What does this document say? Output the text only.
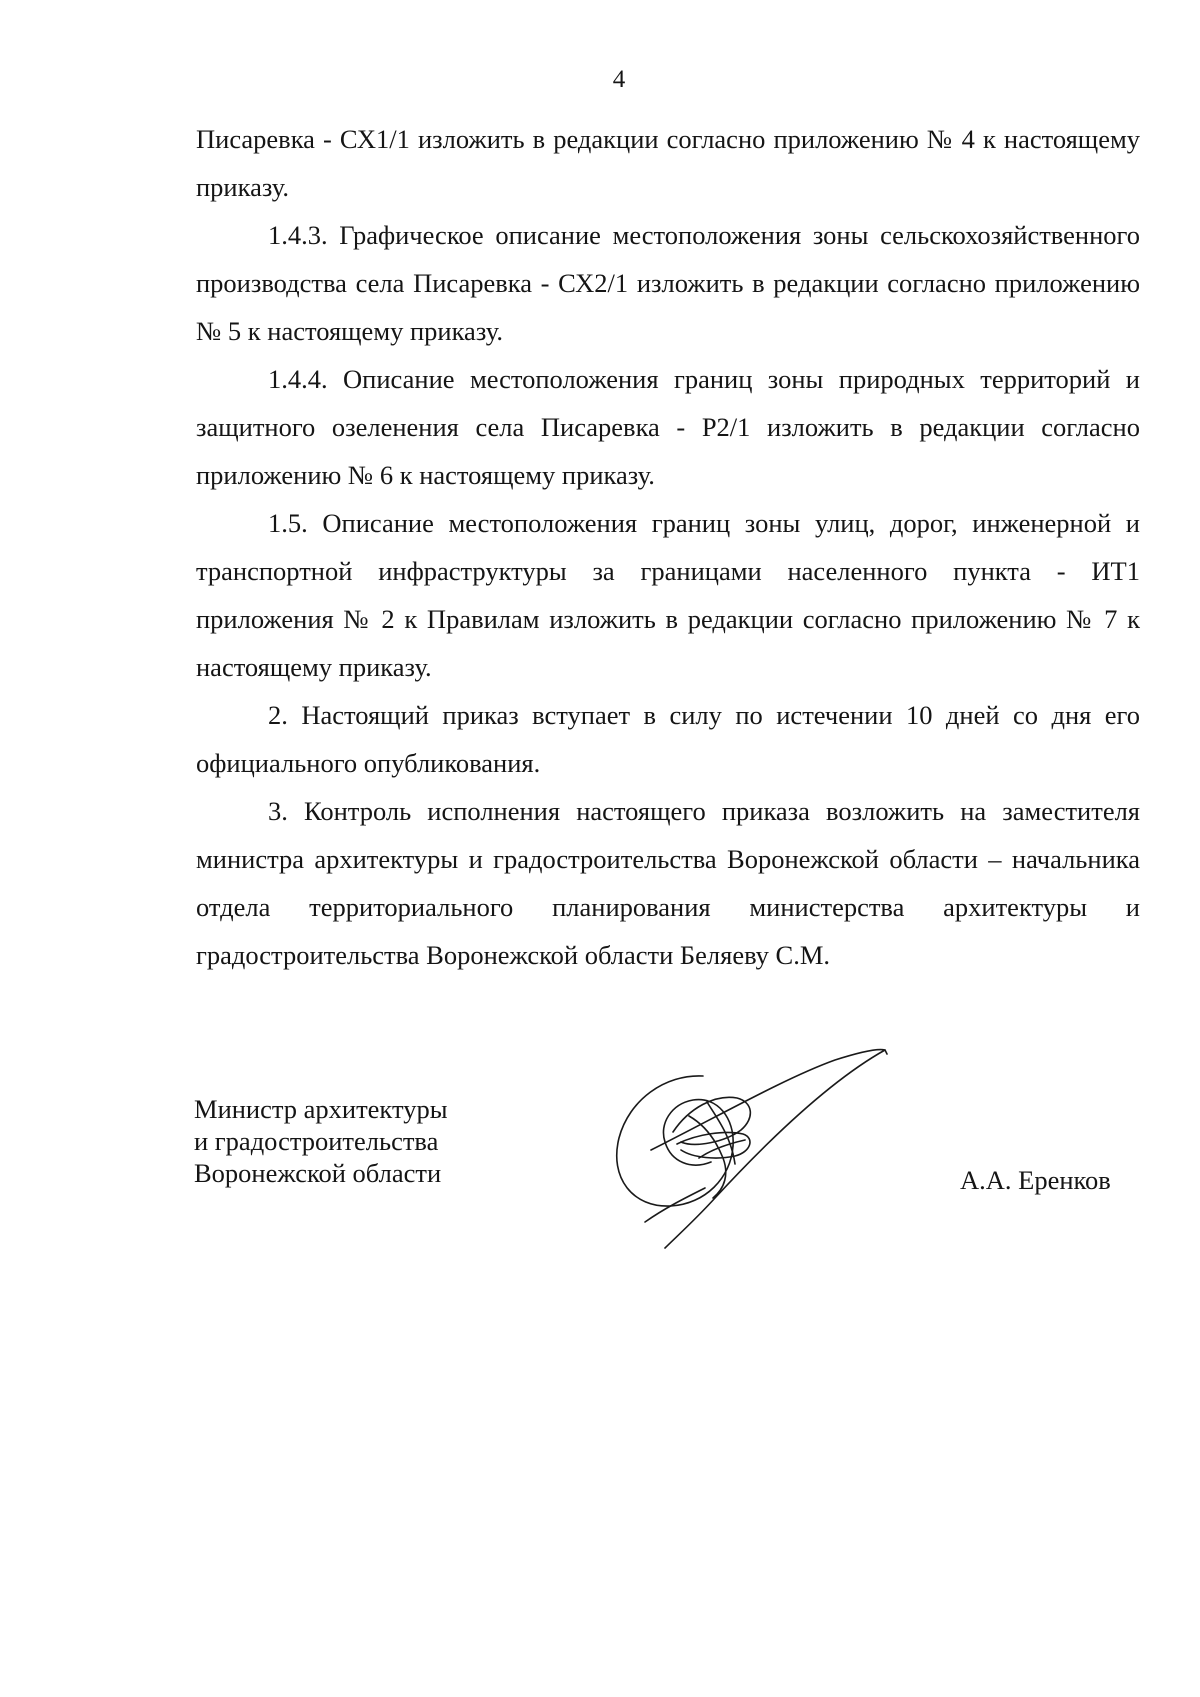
4

Писаревка - СХ1/1 изложить в редакции согласно приложению № 4 к настоящему приказу.

1.4.3. Графическое описание местоположения зоны сельскохозяйственного производства села Писаревка - СХ2/1 изложить в редакции согласно приложению № 5 к настоящему приказу.

1.4.4. Описание местоположения границ зоны природных территорий и защитного озеленения села Писаревка - Р2/1 изложить в редакции согласно приложению № 6 к настоящему приказу.

1.5. Описание местоположения границ зоны улиц, дорог, инженерной и транспортной инфраструктуры за границами населенного пункта - ИТ1 приложения № 2 к Правилам изложить в редакции согласно приложению № 7 к настоящему приказу.

2. Настоящий приказ вступает в силу по истечении 10 дней со дня его официального опубликования.

3. Контроль исполнения настоящего приказа возложить на заместителя министра архитектуры и градостроительства Воронежской области – начальника отдела территориального планирования министерства архитектуры и градостроительства Воронежской области Беляеву С.М.

Министр архитектуры
и градостроительства
Воронежской области	А.А. Еренков
